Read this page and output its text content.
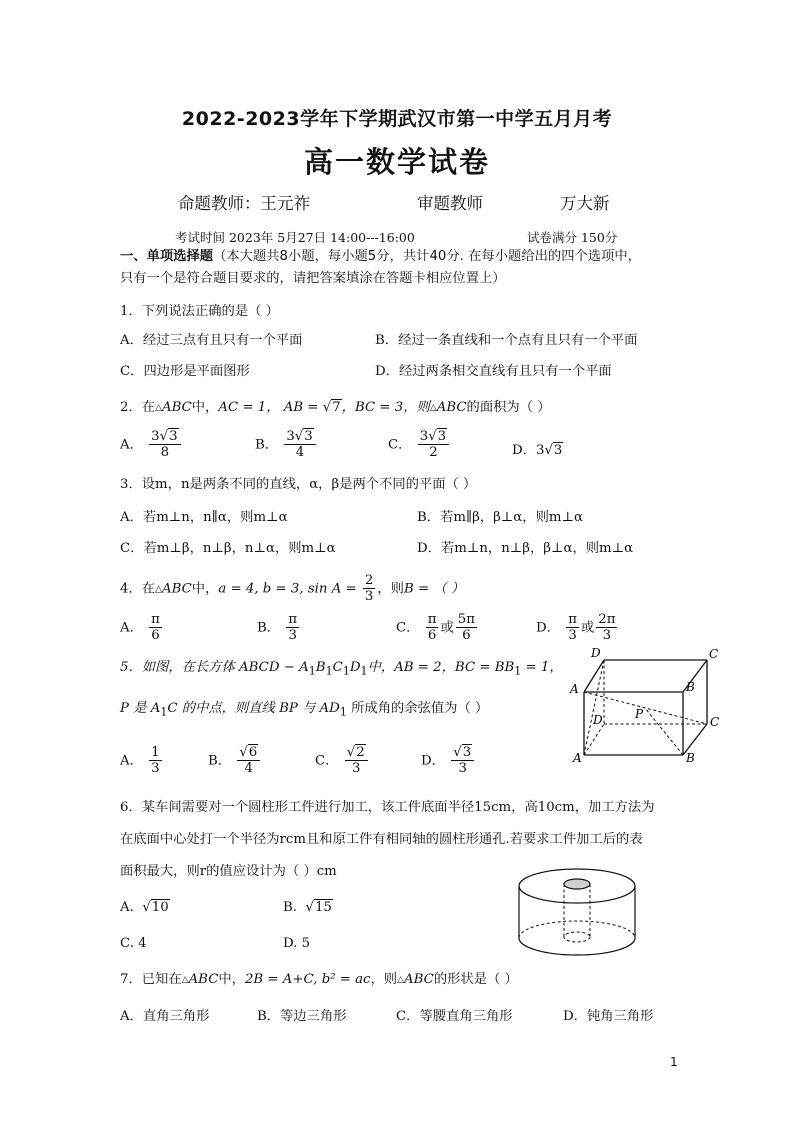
2022-2023学年下学期武汉市第一中学五月月考
高一数学试卷
命题教师：王元祚	审题教师	万大新
考试时间 2023年 5月27日 14:00---16:00	试卷满分 150分
一、单项选择题（本大题共8小题，每小题5分，共计40分. 在每小题给出的四个选项中，
只有一个是符合题目要求的，请把答案填涂在答题卡相应位置上）
1．下列说法正确的是（ ）
A．经过三点有且只有一个平面	B．经过一条直线和一个点有且只有一个平面
C．四边形是平面图形	D．经过两条相交直线有且只有一个平面
2．在△ABC中，AC = 1， AB = √7，BC = 3，则△ABC的面积为（ ）
A． $\frac{3√3}{8}$	B． $\frac{3√3}{4}$	C． $\frac{3√3}{2}$	D．3√3
3．设m，n是两条不同的直线，α，β是两个不同的平面（ ）
A．若m⊥n，n∥α，则m⊥α	B．若m∥β，β⊥α，则m⊥α
C．若m⊥β，n⊥β，n⊥α，则m⊥α	D．若m⊥n，n⊥β，β⊥α，则m⊥α
4．在△ABC中，a = 4, b = 3, $\sin A = \frac{2}{3}$ ，则B = （ ）
A． $\frac{\pi}{6}$	B． $\frac{\pi}{3}$	C． $\frac{\pi}{6}$ 或 $\frac{5\pi}{6}$	D． $\frac{\pi}{3}$ 或 $\frac{2\pi}{3}$
5．如图，在长方体 ABCD − $A_1B_1C_1D_1$中，AB = 2，BC = $BB_1 = 1$，
P 是 $A_1C$ 的中点，则直线 BP 与 $AD_1$ 所成角的余弦值为（ ）
A． $\frac{1}{3}$	B． $\frac{√6}{4}$	C． $\frac{√2}{3}$	D． $\frac{√3}{3}$
D	C
A	B
D	P
C
A	B
6．某车间需要对一个圆柱形工件进行加工，该工件底面半径15cm，高10cm，加工方法为
在底面中心处打一个半径为rcm且和原工件有相同轴的圆柱形通孔.若要求工件加工后的表
面积最大，则r的值应设计为（ ）cm
A. √10	B. √15
C. 4	D. 5
7．已知在△ABC中，2B = A+C, b² = ac，则△ABC的形状是（ ）
A．直角三角形	B．等边三角形	C．等腰直角三角形	D．钝角三角形
1
